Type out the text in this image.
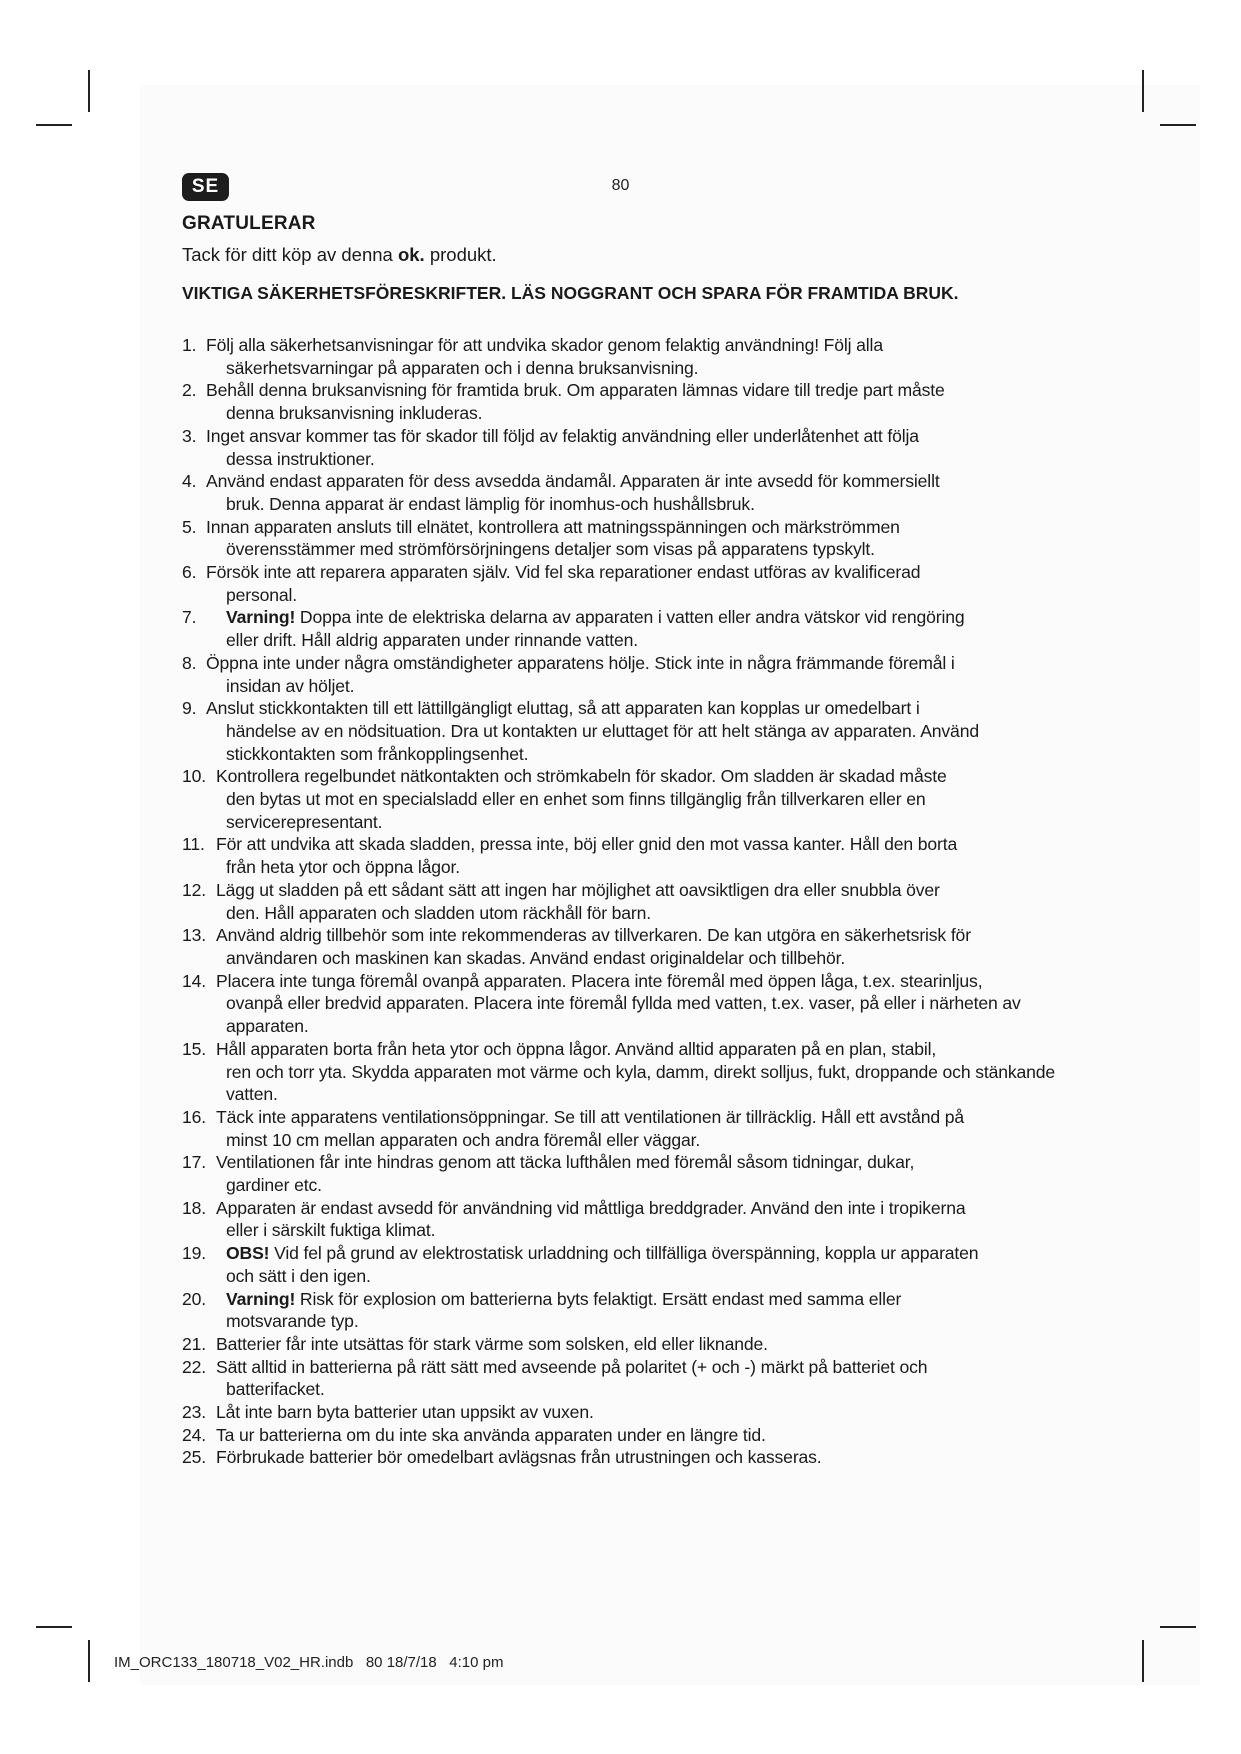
SE	80
GRATULERAR

Tack för ditt köp av denna ok. produkt.

VIKTIGA SÄKERHETSFÖRESKRIFTER. LÄS NOGGRANT OCH SPARA FÖR FRAMTIDA BRUK.
1. Följ alla säkerhetsanvisningar för att undvika skador genom felaktig användning! Följ alla
säkerhetsvarningar på apparaten och i denna bruksanvisning.
2. Behåll denna bruksanvisning för framtida bruk. Om apparaten lämnas vidare till tredje part måste
denna bruksanvisning inkluderas.
3. Inget ansvar kommer tas för skador till följd av felaktig användning eller underlåtenhet att följa
dessa instruktioner.
4. Använd endast apparaten för dess avsedda ändamål. Apparaten är inte avsedd för kommersiellt
bruk. Denna apparat är endast lämplig för inomhus-och hushållsbruk.
5. Innan apparaten ansluts till elnätet, kontrollera att matningsspänningen och märkströmmen
överensstämmer med strömförsörjningens detaljer som visas på apparatens typskylt.
6. Försök inte att reparera apparaten själv. Vid fel ska reparationer endast utföras av kvalificerad
personal.
7. Varning! Doppa inte de elektriska delarna av apparaten i vatten eller andra vätskor vid rengöring
eller drift. Håll aldrig apparaten under rinnande vatten.
8. Öppna inte under några omständigheter apparatens hölje. Stick inte in några främmande föremål i
insidan av höljet.
9. Anslut stickkontakten till ett lättillgängligt eluttag, så att apparaten kan kopplas ur omedelbart i
händelse av en nödsituation. Dra ut kontakten ur eluttaget för att helt stänga av apparaten. Använd stickkontakten som frånkopplingsenhet.
10. Kontrollera regelbundet nätkontakten och strömkabeln för skador. Om sladden är skadad måste
den bytas ut mot en specialsladd eller en enhet som finns tillgänglig från tillverkaren eller en servicerepresentant.
11. För att undvika att skada sladden, pressa inte, böj eller gnid den mot vassa kanter. Håll den borta
från heta ytor och öppna lågor.
12. Lägg ut sladden på ett sådant sätt att ingen har möjlighet att oavsiktligen dra eller snubbla över
den. Håll apparaten och sladden utom räckhåll för barn.
13. Använd aldrig tillbehör som inte rekommenderas av tillverkaren. De kan utgöra en säkerhetsrisk för
användaren och maskinen kan skadas. Använd endast originaldelar och tillbehör.
14. Placera inte tunga föremål ovanpå apparaten. Placera inte föremål med öppen låga, t.ex. stearinljus,
ovanpå eller bredvid apparaten. Placera inte föremål fyllda med vatten, t.ex. vaser, på eller i närheten av apparaten.
15. Håll apparaten borta från heta ytor och öppna lågor. Använd alltid apparaten på en plan, stabil,
ren och torr yta. Skydda apparaten mot värme och kyla, damm, direkt solljus, fukt, droppande och stänkande vatten.
16. Täck inte apparatens ventilationsöppningar. Se till att ventilationen är tillräcklig. Håll ett avstånd på
minst 10 cm mellan apparaten och andra föremål eller väggar.
17. Ventilationen får inte hindras genom att täcka lufthålen med föremål såsom tidningar, dukar,
gardiner etc.
18. Apparaten är endast avsedd för användning vid måttliga breddgrader. Använd den inte i tropikerna
eller i särskilt fuktiga klimat.
19. OBS! Vid fel på grund av elektrostatisk urladdning och tillfälliga överspänning, koppla ur apparaten
och sätt i den igen.
20. Varning! Risk för explosion om batterierna byts felaktigt. Ersätt endast med samma eller
motsvarande typ.
21. Batterier får inte utsättas för stark värme som solsken, eld eller liknande.
22. Sätt alltid in batterierna på rätt sätt med avseende på polaritet (+ och -) märkt på batteriet och
batterifacket.
23. Låt inte barn byta batterier utan uppsikt av vuxen.
24. Ta ur batterierna om du inte ska använda apparaten under en längre tid.
25. Förbrukade batterier bör omedelbart avlägsnas från utrustningen och kasseras.
IM_ORC133_180718_V02_HR.indb   80 18/7/18   4:10 pm
